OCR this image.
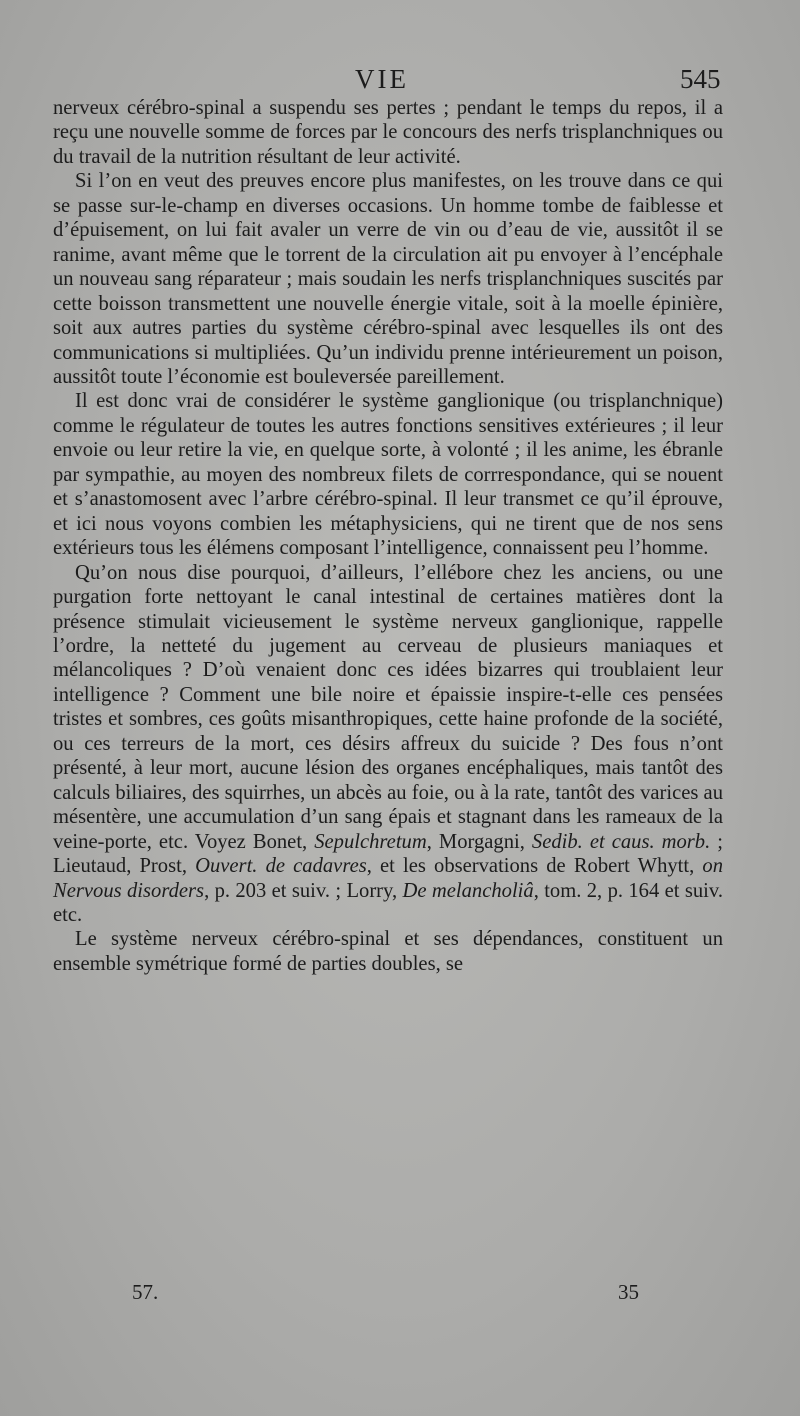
VIE	545

nerveux cérébro-spinal a suspendu ses pertes ; pendant le temps du repos, il a reçu une nouvelle somme de forces par le concours des nerfs trisplanchniques ou du travail de la nutrition résultant de leur activité.

Si l’on en veut des preuves encore plus manifestes, on les trouve dans ce qui se passe sur-le-champ en diverses occasions. Un homme tombe de faiblesse et d’épuisement, on lui fait avaler un verre de vin ou d’eau de vie, aussitôt il se ranime, avant même que le torrent de la circulation ait pu envoyer à l’encéphale un nouveau sang réparateur ; mais soudain les nerfs trisplanchniques suscités par cette boisson transmettent une nouvelle énergie vitale, soit à la moelle épinière, soit aux autres parties du système cérébro-spinal avec lesquelles ils ont des communications si multipliées. Qu’un individu prenne intérieurement un poison, aussitôt toute l’économie est bouleversée pareillement.

Il est donc vrai de considérer le système ganglionique (ou trisplanchnique) comme le régulateur de toutes les autres fonctions sensitives extérieures ; il leur envoie ou leur retire la vie, en quelque sorte, à volonté ; il les anime, les ébranle par sympathie, au moyen des nombreux filets de corrrespondance, qui se nouent et s’anastomosent avec l’arbre cérébro-spinal. Il leur transmet ce qu’il éprouve, et ici nous voyons combien les métaphysiciens, qui ne tirent que de nos sens extérieurs tous les élémens composant l’intelligence, connaissent peu l’homme.

Qu’on nous dise pourquoi, d’ailleurs, l’ellébore chez les anciens, ou une purgation forte nettoyant le canal intestinal de certaines matières dont la présence stimulait vicieusement le système nerveux ganglionique, rappelle l’ordre, la netteté du jugement au cerveau de plusieurs maniaques et mélancoliques ? D’où venaient donc ces idées bizarres qui troublaient leur intelligence ? Comment une bile noire et épaissie inspire-t-elle ces pensées tristes et sombres, ces goûts misanthropiques, cette haine profonde de la société, ou ces terreurs de la mort, ces désirs affreux du suicide ? Des fous n’ont présenté, à leur mort, aucune lésion des organes encéphaliques, mais tantôt des calculs biliaires, des squirrhes, un abcès au foie, ou à la rate, tantôt des varices au mésentère, une accumulation d’un sang épais et stagnant dans les rameaux de la veine-porte, etc. Voyez Bonet, Sepulchretum, Morgagni, Sedib. et caus. morb. ; Lieutaud, Prost, Ouvert. de cadavres, et les observations de Robert Whytt, on Nervous disorders, p. 203 et suiv. ; Lorry, De melancholiâ, tom. 2, p. 164 et suiv. etc.

Le système nerveux cérébro-spinal et ses dépendances, constituent un ensemble symétrique formé de parties doubles, se

57.	35
